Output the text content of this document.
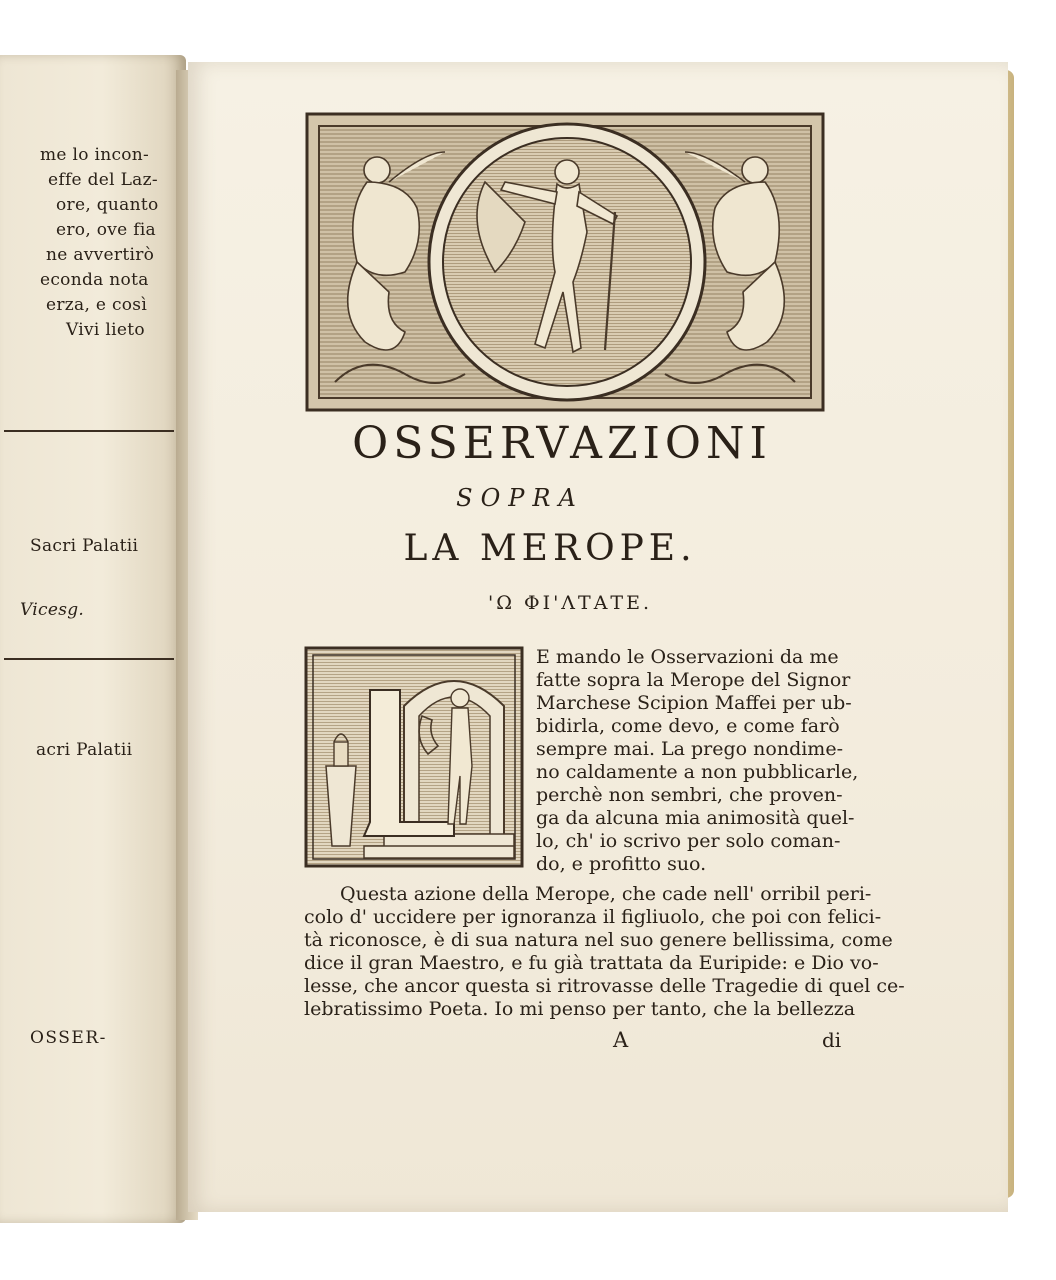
me lo incon-
effe del Laz-
ore, quanto
ero, ove fia
ne avvertirò
econda nota
erza, e così
Vivi lieto
Sacri Palatii
Vicesg.
acri Palatii
OSSER-
OSSERVAZIONI
SOPRA
LA MEROPE.
'Ω ΦΙ'ΛΤΑΤΕ.
E mando le Osservazioni da me
fatte sopra la Merope del Signor
Marchese Scipion Maffei per ub-
bidirla, come devo, e come farò
sempre mai. La prego nondime-
no caldamente a non pubblicarle,
perchè non sembri, che proven-
ga da alcuna mia animosità quel-
lo, ch' io scrivo per solo coman-
do, e profitto suo.
Questa azione della Merope, che cade nell' orribil peri-
colo d' uccidere per ignoranza il figliuolo, che poi con felici-
tà riconosce, è di sua natura nel suo genere bellissima, come
dice il gran Maestro, e fu già trattata da Euripide: e Dio vo-
lesse, che ancor questa si ritrovasse delle Tragedie di quel ce-
lebratissimo Poeta. Io mi penso per tanto, che la bellezza
A	di
